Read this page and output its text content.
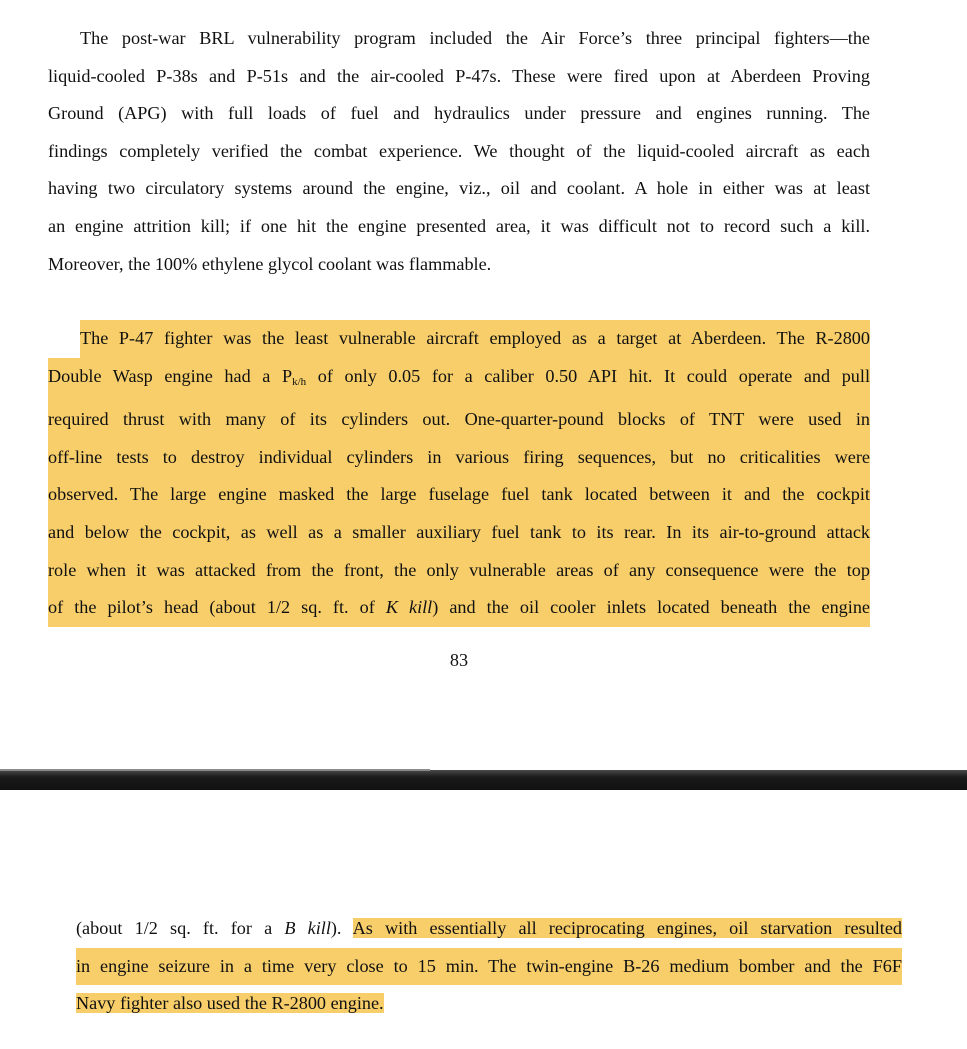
The post-war BRL vulnerability program included the Air Force’s three principal fighters—the
liquid-cooled P-38s and P-51s and the air-cooled P-47s. These were fired upon at Aberdeen Proving
Ground (APG) with full loads of fuel and hydraulics under pressure and engines running. The
findings completely verified the combat experience. We thought of the liquid-cooled aircraft as each
having two circulatory systems around the engine, viz., oil and coolant. A hole in either was at least
an engine attrition kill; if one hit the engine presented area, it was difficult not to record such a kill.
Moreover, the 100% ethylene glycol coolant was flammable.
The P-47 fighter was the least vulnerable aircraft employed as a target at Aberdeen. The R-2800
Double Wasp engine had a $P_{k/h}$ of only 0.05 for a caliber 0.50 API hit. It could operate and pull
required thrust with many of its cylinders out. One-quarter-pound blocks of TNT were used in
off-line tests to destroy individual cylinders in various firing sequences, but no criticalities were
observed. The large engine masked the large fuselage fuel tank located between it and the cockpit
and below the cockpit, as well as a smaller auxiliary fuel tank to its rear. In its air-to-ground attack
role when it was attacked from the front, the only vulnerable areas of any consequence were the top
of the pilot’s head (about 1/2 sq. ft. of K kill) and the oil cooler inlets located beneath the engine
83
(about 1/2 sq. ft. for a B kill). As with essentially all reciprocating engines, oil starvation resulted
in engine seizure in a time very close to 15 min. The twin-engine B-26 medium bomber and the F6F
Navy fighter also used the R-2800 engine.
